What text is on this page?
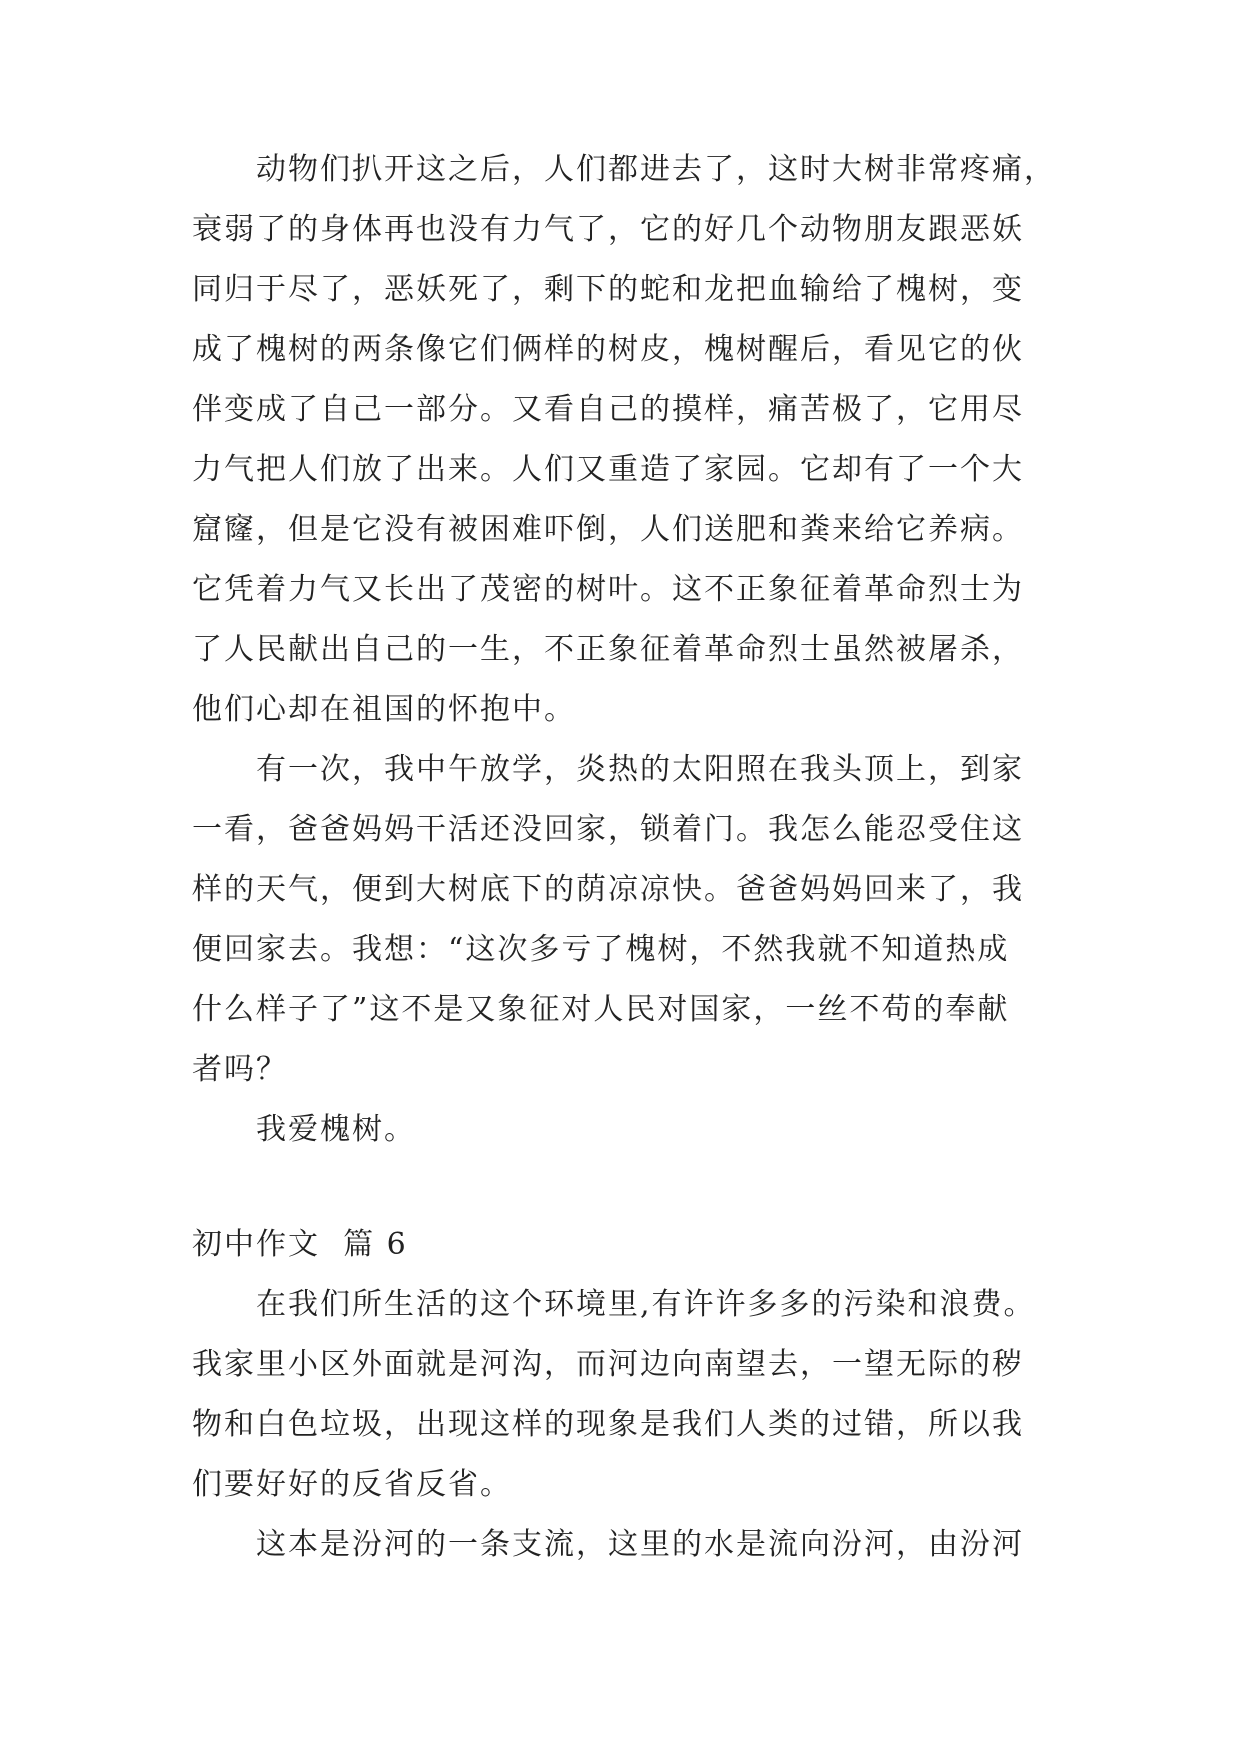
动物们扒开这之后，人们都进去了，这时大树非常疼痛，
衰弱了的身体再也没有力气了，它的好几个动物朋友跟恶妖
同归于尽了，恶妖死了，剩下的蛇和龙把血输给了槐树，变
成了槐树的两条像它们俩样的树皮，槐树醒后，看见它的伙
伴变成了自己一部分。又看自己的摸样，痛苦极了，它用尽
力气把人们放了出来。人们又重造了家园。它却有了一个大
窟窿，但是它没有被困难吓倒，人们送肥和粪来给它养病。
它凭着力气又长出了茂密的树叶。这不正象征着革命烈士为
了人民献出自己的一生，不正象征着革命烈士虽然被屠杀，
他们心却在祖国的怀抱中。
有一次，我中午放学，炎热的太阳照在我头顶上，到家
一看，爸爸妈妈干活还没回家，锁着门。我怎么能忍受住这
样的天气，便到大树底下的荫凉凉快。爸爸妈妈回来了，我
便回家去。我想：“这次多亏了槐树，不然我就不知道热成
什么样子了”这不是又象征对人民对国家，一丝不苟的奉献
者吗？
我爱槐树。
初中作文  篇 6
在我们所生活的这个环境里,有许许多多的污染和浪费。
我家里小区外面就是河沟，而河边向南望去，一望无际的秽
物和白色垃圾，出现这样的现象是我们人类的过错，所以我
们要好好的反省反省。
这本是汾河的一条支流，这里的水是流向汾河，由汾河
